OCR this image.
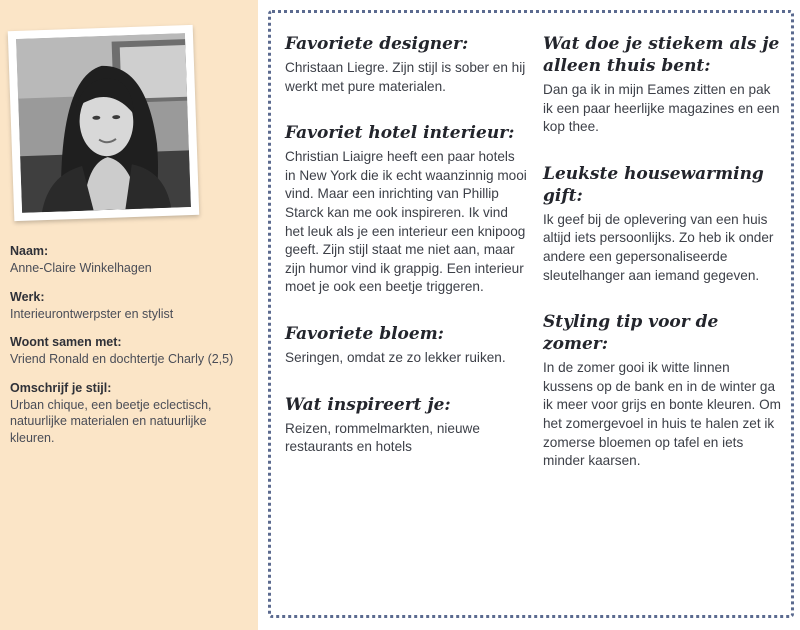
Naam:
Anne-Claire Winkelhagen
Werk:
Interieurontwerpster en stylist
Woont samen met:
Vriend Ronald en dochtertje Charly (2,5)
Omschrijf je stijl:
Urban chique, een beetje eclectisch, natuurlijke materialen en natuurlijke kleuren.
Favoriete designer:

Christaan Liegre. Zijn stijl is sober en hij werkt met pure materialen.

Favoriet hotel interieur:

Christian Liaigre heeft een paar hotels in New York die ik echt waanzinnig mooi vind. Maar een inrichting van Phillip Starck kan me ook inspireren. Ik vind het leuk als je een interieur een knipoog geeft. Zijn stijl staat me niet aan, maar zijn humor vind ik grappig. Een interieur moet je ook een beetje triggeren.

Favoriete bloem:

Seringen, omdat ze zo lekker ruiken.

Wat inspireert je:

Reizen, rommelmarkten, nieuwe restaurants en hotels

Wat doe je stiekem als je alleen thuis bent:

Dan ga ik in mijn Eames zitten en pak ik een paar heerlijke magazines en een kop thee.

Leukste housewarming gift:

Ik geef bij de oplevering van een huis altijd iets persoonlijks. Zo heb ik onder andere een gepersonaliseerde sleutelhanger aan iemand gegeven.

Styling tip voor de zomer:

In de zomer gooi ik witte linnen kussens op de bank en in de winter ga ik meer voor grijs en bonte kleuren. Om het zomergevoel in huis te halen zet ik zomerse bloemen op tafel en iets minder kaarsen.
